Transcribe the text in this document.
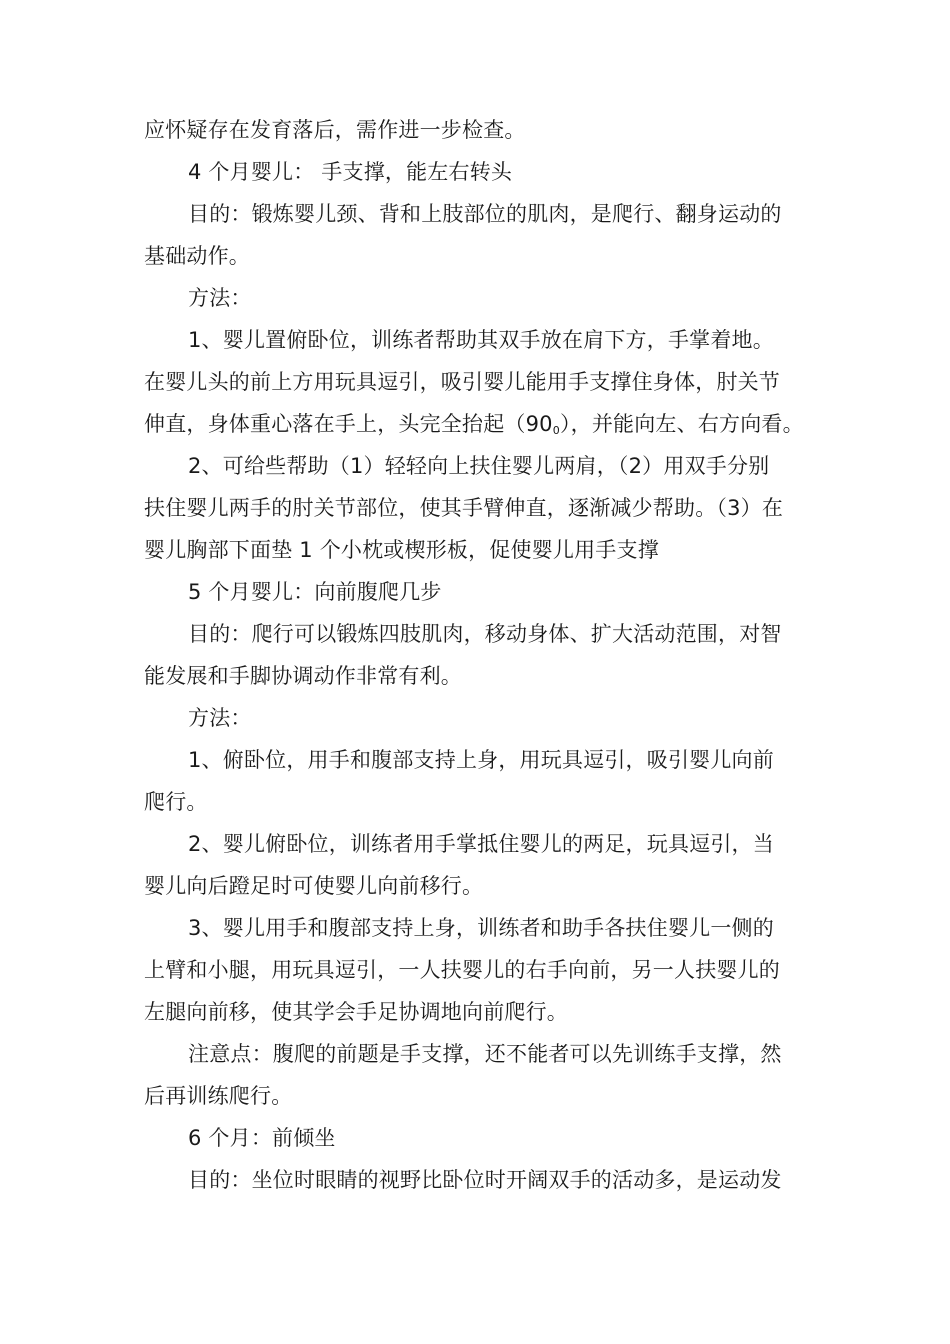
应怀疑存在发育落后，需作进一步检查。
4 个月婴儿： 手支撑，能左右转头
目的：锻炼婴儿颈、背和上肢部位的肌肉，是爬行、翻身运动的
基础动作。
方法：
1、婴儿置俯卧位，训练者帮助其双手放在肩下方，手掌着地。
在婴儿头的前上方用玩具逗引，吸引婴儿能用手支撑住身体，肘关节
伸直，身体重心落在手上，头完全抬起$(90_0)$，并能向左、右方向看。
2、可给些帮助（1）轻轻向上扶住婴儿两肩，（2）用双手分别
扶住婴儿两手的肘关节部位，使其手臂伸直，逐渐减少帮助。（3）在
婴儿胸部下面垫 1 个小枕或楔形板，促使婴儿用手支撑
5 个月婴儿：向前腹爬几步
目的：爬行可以锻炼四肢肌肉，移动身体、扩大活动范围，对智
能发展和手脚协调动作非常有利。
方法：
1、俯卧位，用手和腹部支持上身，用玩具逗引，吸引婴儿向前
爬行。
2、婴儿俯卧位，训练者用手掌抵住婴儿的两足，玩具逗引，当
婴儿向后蹬足时可使婴儿向前移行。
3、婴儿用手和腹部支持上身，训练者和助手各扶住婴儿一侧的
上臂和小腿，用玩具逗引，一人扶婴儿的右手向前，另一人扶婴儿的
左腿向前移，使其学会手足协调地向前爬行。
注意点：腹爬的前题是手支撑，还不能者可以先训练手支撑，然
后再训练爬行。
6 个月：前倾坐
目的：坐位时眼睛的视野比卧位时开阔双手的活动多，是运动发
